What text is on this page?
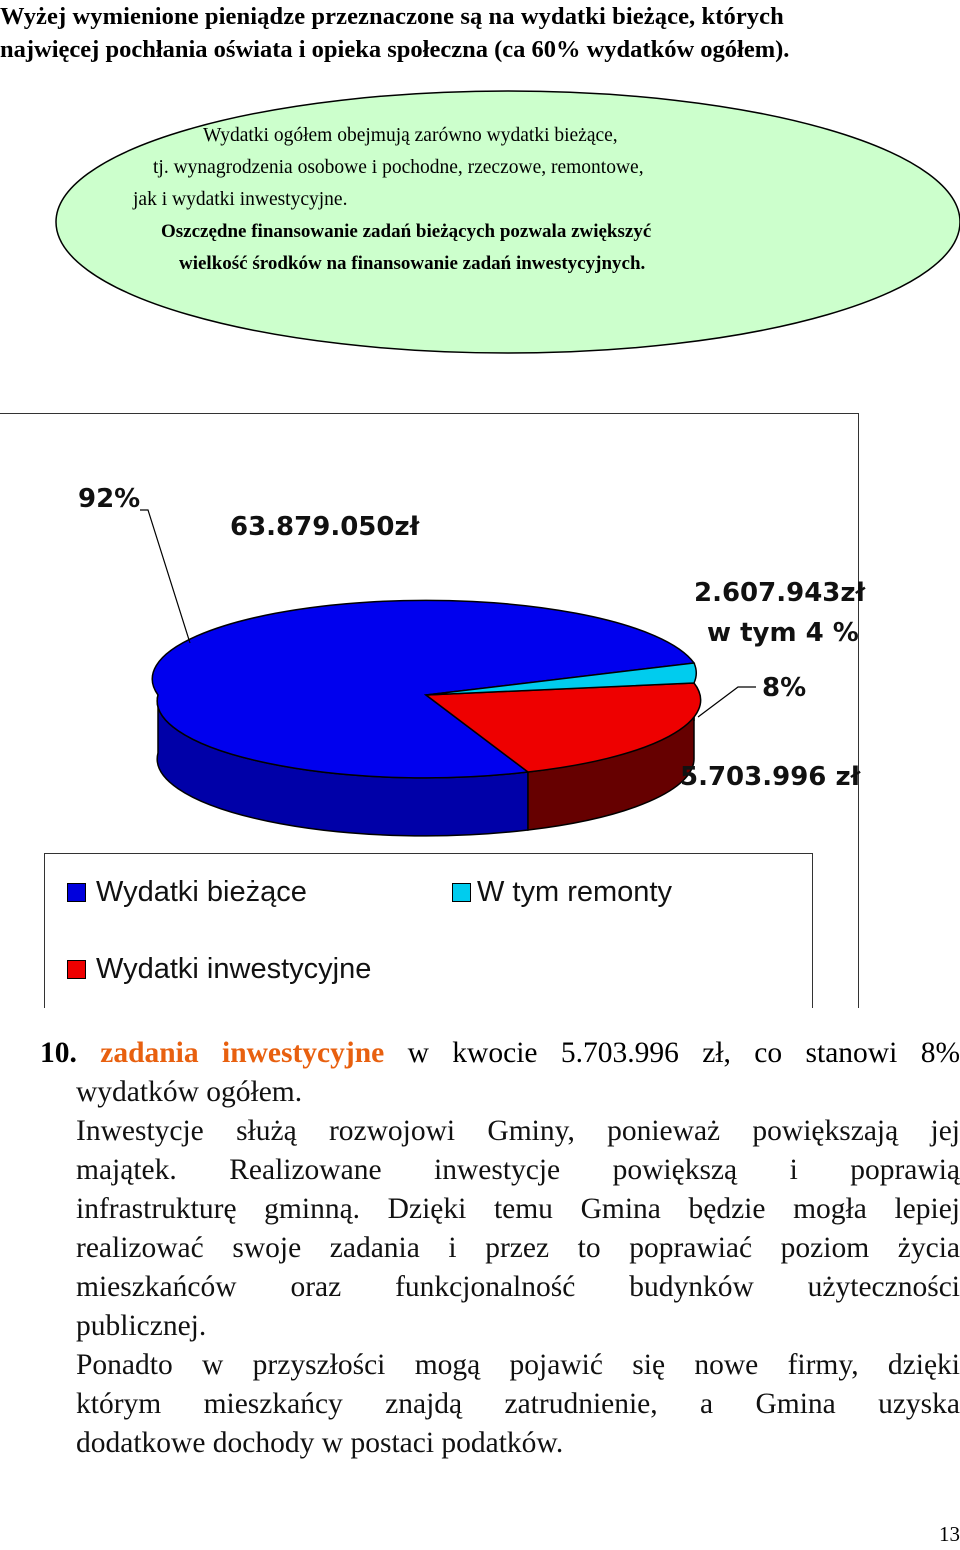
Wyżej wymienione pieniądze przeznaczone są na wydatki bieżące, których
najwięcej pochłania oświata i opieka społeczna (ca 60% wydatków ogółem).
Wydatki ogółem obejmują zarówno wydatki bieżące,
tj. wynagrodzenia osobowe i pochodne, rzeczowe, remontowe,
jak i wydatki inwestycyjne.
Oszczędne finansowanie zadań bieżących pozwala zwiększyć
wielkość środków na finansowanie zadań inwestycyjnych.
92%
63.879.050zł
2.607.943zł
w tym 4 %
8%
5.703.996 zł
Wydatki bieżące	W tym remonty
Wydatki inwestycyjne
10. zadania inwestycyjne w kwocie 5.703.996 zł, co stanowi 8%
wydatków ogółem.
Inwestycje służą rozwojowi Gminy, ponieważ powiększają jej
majątek. Realizowane inwestycje powiększą i poprawią
infrastrukturę gminną. Dzięki temu Gmina będzie mogła lepiej
realizować swoje zadania i przez to poprawiać poziom życia
mieszkańców oraz funkcjonalność budynków użyteczności
publicznej.
Ponadto w przyszłości mogą pojawić się nowe firmy, dzięki
którym mieszkańcy znajdą zatrudnienie, a Gmina uzyska
dodatkowe dochody w postaci podatków.
13
